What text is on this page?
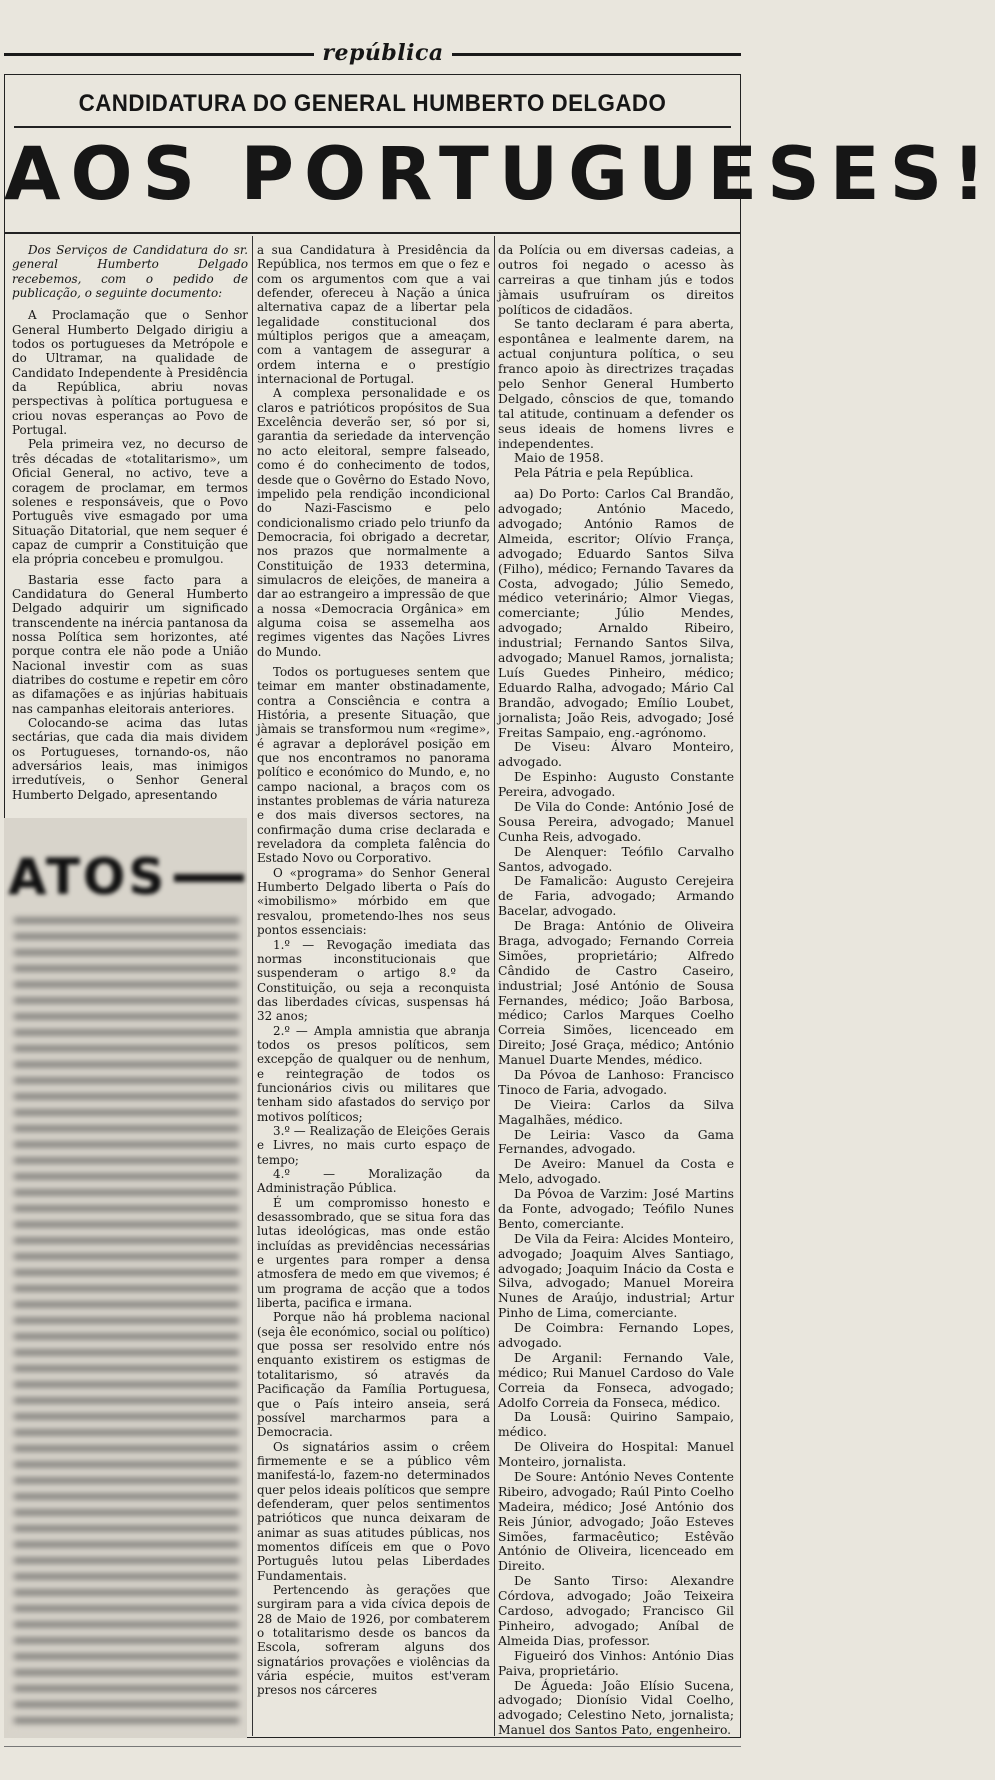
república
CANDIDATURA DO GENERAL HUMBERTO DELGADO
AOS PORTUGUESES!

Dos Serviços de Candidatura do sr. general Humberto Delgado recebemos, com o pedido de publicação, o seguinte documento:

A Proclamação que o Senhor General Humberto Delgado dirigiu a todos os portugueses da Metrópole e do Ultramar, na qualidade de Candidato Independente à Presidência da República, abriu novas perspectivas à política portuguesa e criou novas esperanças ao Povo de Portugal.

Pela primeira vez, no decurso de três décadas de «totalitarismo», um Oficial General, no activo, teve a coragem de proclamar, em termos solenes e responsáveis, que o Povo Português vive esmagado por uma Situação Ditatorial, que nem sequer é capaz de cumprir a Constituição que ela própria concebeu e promulgou.

Bastaria esse facto para a Candidatura do General Humberto Delgado adquirir um significado transcendente na inércia pantanosa da nossa Política sem horizontes, até porque contra ele não pode a União Nacional investir com as suas diatribes do costume e repetir em côro as difamações e as injúrias habituais nas campanhas eleitorais anteriores.

Colocando-se acima das lutas sectárias, que cada dia mais dividem os Portugueses, tornando-os, não adversários leais, mas inimigos irredutíveis, o Senhor General Humberto Delgado, apresentando

ATOS

a sua Candidatura à Presidência da República, nos termos em que o fez e com os argumentos com que a vai defender, ofereceu à Nação a única alternativa capaz de a libertar pela legalidade constitucional dos múltiplos perigos que a ameaçam, com a vantagem de assegurar a ordem interna e o prestígio internacional de Portugal.

A complexa personalidade e os claros e patrióticos propósitos de Sua Excelência deverão ser, só por si, garantia da seriedade da intervenção no acto eleitoral, sempre falseado, como é do conhecimento de todos, desde que o Govêrno do Estado Novo, impelido pela rendição incondicional do Nazi-Fascismo e pelo condicionalismo criado pelo triunfo da Democracia, foi obrigado a decretar, nos prazos que normalmente a Constituição de 1933 determina, simulacros de eleições, de maneira a dar ao estrangeiro a impressão de que a nossa «Democracia Orgânica» em alguma coisa se assemelha aos regimes vigentes das Nações Livres do Mundo.

Todos os portugueses sentem que teimar em manter obstinadamente, contra a Consciência e contra a História, a presente Situação, que jàmais se transformou num «regime», é agravar a deplorável posição em que nos encontramos no panorama político e económico do Mundo, e, no campo nacional, a braços com os instantes problemas de vária natureza e dos mais diversos sectores, na confirmação duma crise declarada e reveladora da completa falência do Estado Novo ou Corporativo.

O «programa» do Senhor General Humberto Delgado liberta o País do «imobilismo» mórbido em que resvalou, prometendo-lhes nos seus pontos essenciais:

1.º — Revogação imediata das normas inconstitucionais que suspenderam o artigo 8.º da Constituição, ou seja a reconquista das liberdades cívicas, suspensas há 32 anos;

2.º — Ampla amnistia que abranja todos os presos políticos, sem excepção de qualquer ou de nenhum, e reintegração de todos os funcionários civis ou militares que tenham sido afastados do serviço por motivos políticos;

3.º — Realização de Eleições Gerais e Livres, no mais curto espaço de tempo;

4.º — Moralização da Administração Pública.

É um compromisso honesto e desassombrado, que se situa fora das lutas ideológicas, mas onde estão incluídas as previdências necessárias e urgentes para romper a densa atmosfera de medo em que vivemos; é um programa de acção que a todos liberta, pacifica e irmana.

Porque não há problema nacional (seja êle económico, social ou político) que possa ser resolvido entre nós enquanto existirem os estigmas de totalitarismo, só através da Pacificação da Família Portuguesa, que o País inteiro anseia, será possível marcharmos para a Democracia.

Os signatários assim o crêem firmemente e se a público vêm manifestá-lo, fazem-no determinados quer pelos ideais políticos que sempre defenderam, quer pelos sentimentos patrióticos que nunca deixaram de animar as suas atitudes públicas, nos momentos difíceis em que o Povo Português lutou pelas Liberdades Fundamentais.

Pertencendo às gerações que surgiram para a vida cívica depois de 28 de Maio de 1926, por combaterem o totalitarismo desde os bancos da Escola, sofreram alguns dos signatários provações e violências da vária espécie, muitos est'veram presos nos cárceres

da Polícia ou em diversas cadeias, a outros foi negado o acesso às carreiras a que tinham jús e todos jàmais usufruíram os direitos políticos de cidadãos.

Se tanto declaram é para aberta, espontânea e lealmente darem, na actual conjuntura política, o seu franco apoio às directrizes traçadas pelo Senhor General Humberto Delgado, cônscios de que, tomando tal atitude, continuam a defender os seus ideais de homens livres e independentes.

Maio de 1958.

Pela Pátria e pela República.

aa) Do Porto: Carlos Cal Brandão, advogado; António Macedo, advogado; António Ramos de Almeida, escritor; Olívio França, advogado; Eduardo Santos Silva (Filho), médico; Fernando Tavares da Costa, advogado; Júlio Semedo, médico veterinário; Almor Viegas, comerciante; Júlio Mendes, advogado; Arnaldo Ribeiro, industrial; Fernando Santos Silva, advogado; Manuel Ramos, jornalista; Luís Guedes Pinheiro, médico; Eduardo Ralha, advogado; Mário Cal Brandão, advogado; Emílio Loubet, jornalista; João Reis, advogado; José Freitas Sampaio, eng.-agrónomo.

De Viseu: Álvaro Monteiro, advogado.

De Espinho: Augusto Constante Pereira, advogado.

De Vila do Conde: António José de Sousa Pereira, advogado; Manuel Cunha Reis, advogado.

De Alenquer: Teófilo Carvalho Santos, advogado.

De Famalicão: Augusto Cerejeira de Faria, advogado; Armando Bacelar, advogado.

De Braga: António de Oliveira Braga, advogado; Fernando Correia Simões, proprietário; Alfredo Cândido de Castro Caseiro, industrial; José António de Sousa Fernandes, médico; João Barbosa, médico; Carlos Marques Coelho Correia Simões, licenceado em Direito; José Graça, médico; António Manuel Duarte Mendes, médico.

Da Póvoa de Lanhoso: Francisco Tinoco de Faria, advogado.

De Vieira: Carlos da Silva Magalhães, médico.

De Leiria: Vasco da Gama Fernandes, advogado.

De Aveiro: Manuel da Costa e Melo, advogado.

Da Póvoa de Varzim: José Martins da Fonte, advogado; Teófilo Nunes Bento, comerciante.

De Vila da Feira: Alcides Monteiro, advogado; Joaquim Alves Santiago, advogado; Joaquim Inácio da Costa e Silva, advogado; Manuel Moreira Nunes de Araújo, industrial; Artur Pinho de Lima, comerciante.

De Coimbra: Fernando Lopes, advogado.

De Arganil: Fernando Vale, médico; Rui Manuel Cardoso do Vale Correia da Fonseca, advogado; Adolfo Correia da Fonseca, médico.

Da Lousã: Quirino Sampaio, médico.

De Oliveira do Hospital: Manuel Monteiro, jornalista.

De Soure: António Neves Contente Ribeiro, advogado; Raúl Pinto Coelho Madeira, médico; José António dos Reis Júnior, advogado; João Esteves Simões, farmacêutico; Estêvão António de Oliveira, licenceado em Direito.

De Santo Tirso: Alexandre Córdova, advogado; João Teixeira Cardoso, advogado; Francisco Gil Pinheiro, advogado; Aníbal de Almeida Dias, professor.

Figueiró dos Vinhos: António Dias Paiva, proprietário.

De Águeda: João Elísio Sucena, advogado; Dionísio Vidal Coelho, advogado; Celestino Neto, jornalista; Manuel dos Santos Pato, engenheiro.
